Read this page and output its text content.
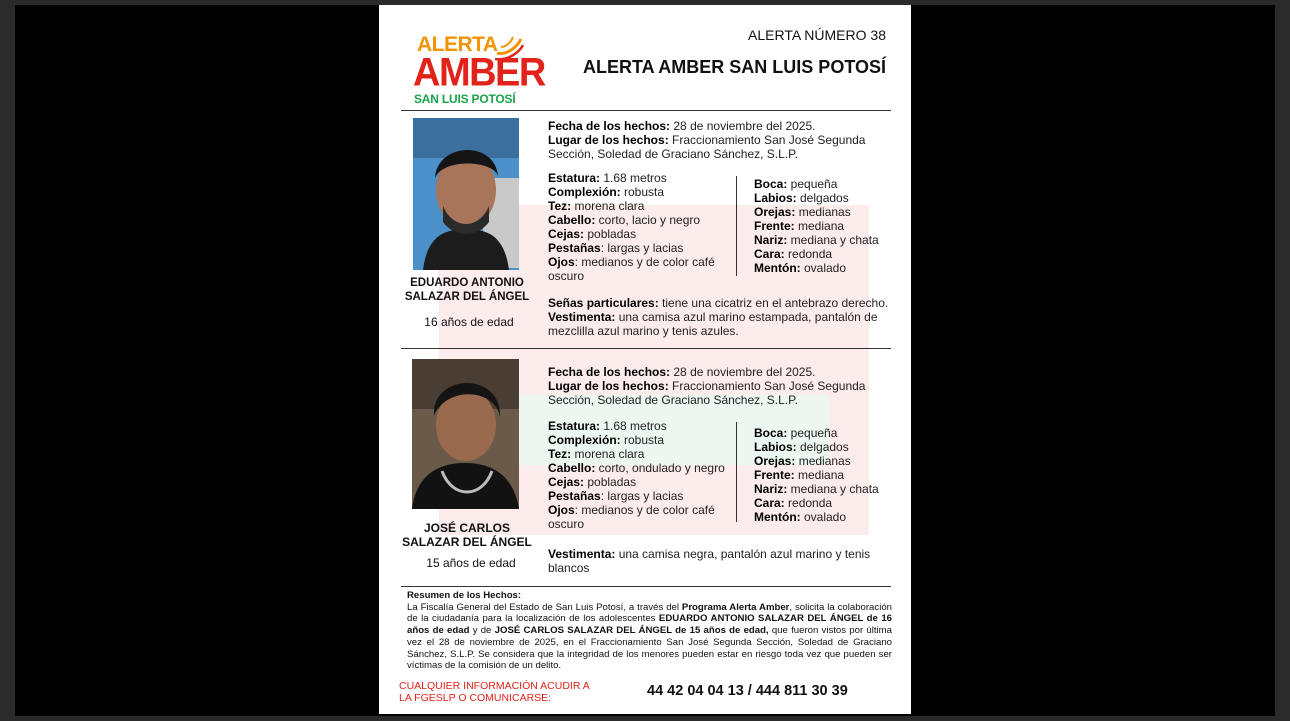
ALERTA
AMBER
SAN LUIS POTOSÍ
ALERTA NÚMERO 38
ALERTA AMBER SAN LUIS POTOSÍ
EDUARDO ANTONIO
SALAZAR DEL ÁNGEL
16 años de edad
Fecha de los hechos: 28 de noviembre del 2025.
Lugar de los hechos: Fraccionamiento San José Segunda
Sección, Soledad de Graciano Sánchez, S.L.P.
Estatura: 1.68 metros
Complexión: robusta
Tez: morena clara
Cabello: corto, lacio y negro
Cejas: pobladas
Pestañas: largas y lacias
Ojos: medianos y de color café
oscuro
Boca: pequeña
Labios: delgados
Orejas: medianas
Frente: mediana
Nariz: mediana y chata
Cara: redonda
Mentón: ovalado
Señas particulares: tiene una cicatriz en el antebrazo derecho.
Vestimenta: una camisa azul marino estampada, pantalón de
mezclilla azul marino y tenis azules.
JOSÉ CARLOS
SALAZAR DEL ÁNGEL
15 años de edad
Fecha de los hechos: 28 de noviembre del 2025.
Lugar de los hechos: Fraccionamiento San José Segunda
Sección, Soledad de Graciano Sánchez, S.L.P.
Estatura: 1.68 metros
Complexión: robusta
Tez: morena clara
Cabello: corto, ondulado y negro
Cejas: pobladas
Pestañas: largas y lacias
Ojos: medianos y de color café
oscuro
Boca: pequeña
Labios: delgados
Orejas: medianas
Frente: mediana
Nariz: mediana y chata
Cara: redonda
Mentón: ovalado
Vestimenta: una camisa negra, pantalón azul marino y tenis
blancos
Resumen de los Hechos:
La Fiscalía General del Estado de San Luis Potosí, a través del Programa Alerta Amber, solicita la colaboración de la ciudadanía para la localización de los adolescentes EDUARDO ANTONIO SALAZAR DEL ÁNGEL de 16 años de edad y de JOSÉ CARLOS SALAZAR DEL ÁNGEL de 15 años de edad, que fueron vistos por última vez el 28 de noviembre de 2025, en el Fraccionamiento San José Segunda Sección, Soledad de Graciano Sánchez, S.L.P. Se considera que la integridad de los menores pueden estar en riesgo toda vez que pueden ser víctimas de la comisión de un delito.
CUALQUIER INFORMACIÓN ACUDIR A
LA FGESLP O COMUNICARSE:	44 42 04 04 13 / 444 811 30 39
